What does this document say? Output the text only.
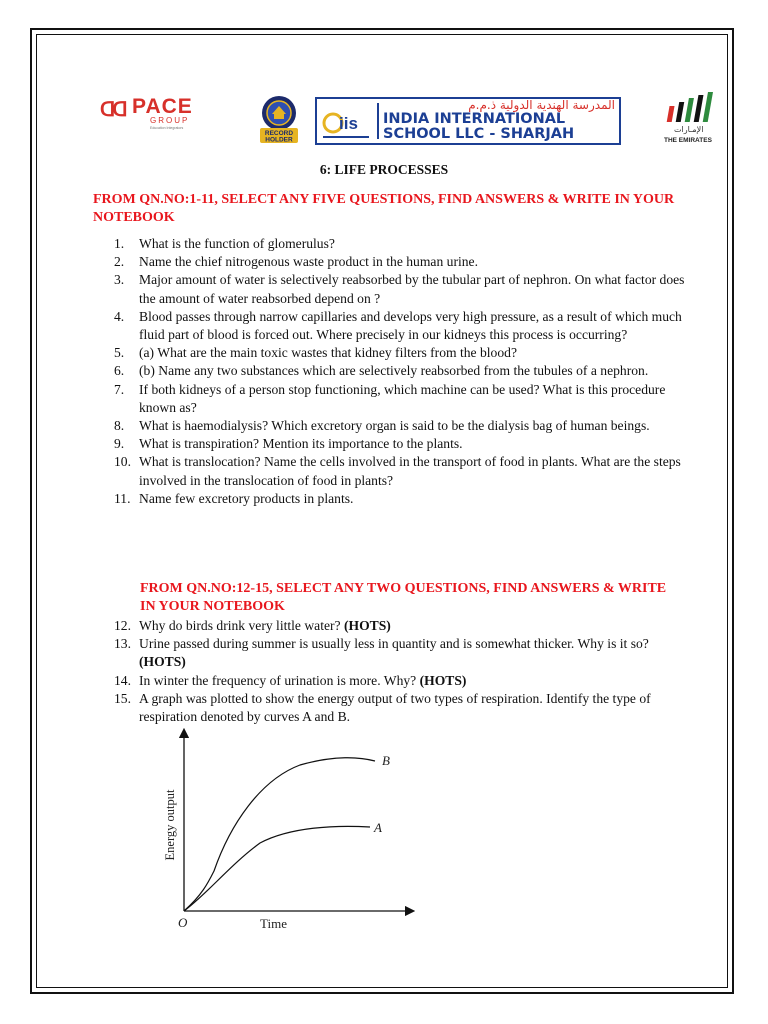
ᗡᗡ PACE
GROUP
Education Integrators
RECORD
HOLDER
iis
المدرسة الهندية الدولية ذ.م.م
INDIA INTERNATIONAL
SCHOOL LLC - SHARJAH	الإمـارات
THE EMIRATES
6: LIFE PROCESSES
FROM QN.NO:1-11, SELECT ANY FIVE QUESTIONS, FIND ANSWERS & WRITE IN YOUR NOTEBOOK
1. What is the function of glomerulus?
2. Name the chief nitrogenous waste product in the human urine.
3. Major amount of water is selectively reabsorbed by the tubular part of nephron. On what factor does the amount of water reabsorbed depend on ?
4. Blood passes through narrow capillaries and develops very high pressure, as a result of which much fluid part of blood is forced out. Where precisely in our kidneys this process is occurring?
5. (a) What are the main toxic wastes that kidney filters from the blood?
6. (b) Name any two substances which are selectively reabsorbed from the tubules of a nephron.
7. If both kidneys of a person stop functioning, which machine can be used? What is this procedure known as?
8. What is haemodialysis? Which excretory organ is said to be the dialysis bag of human beings.
9. What is transpiration? Mention its importance to the plants.
10. What is translocation? Name the cells involved in the transport of food in plants. What are the steps involved in the translocation of food in plants?
11. Name few excretory products in plants.
FROM QN.NO:12-15, SELECT ANY TWO QUESTIONS, FIND ANSWERS & WRITE IN YOUR NOTEBOOK
12. Why do birds drink very little water? (HOTS)
13. Urine passed during summer is usually less in quantity and is somewhat thicker. Why is it so? (HOTS)
14. In winter the frequency of urination is more. Why? (HOTS)
15. A graph was plotted to show the energy output of two types of respiration. Identify the type of respiration denoted by curves A and B.
B
A
O	Time
Energy output
